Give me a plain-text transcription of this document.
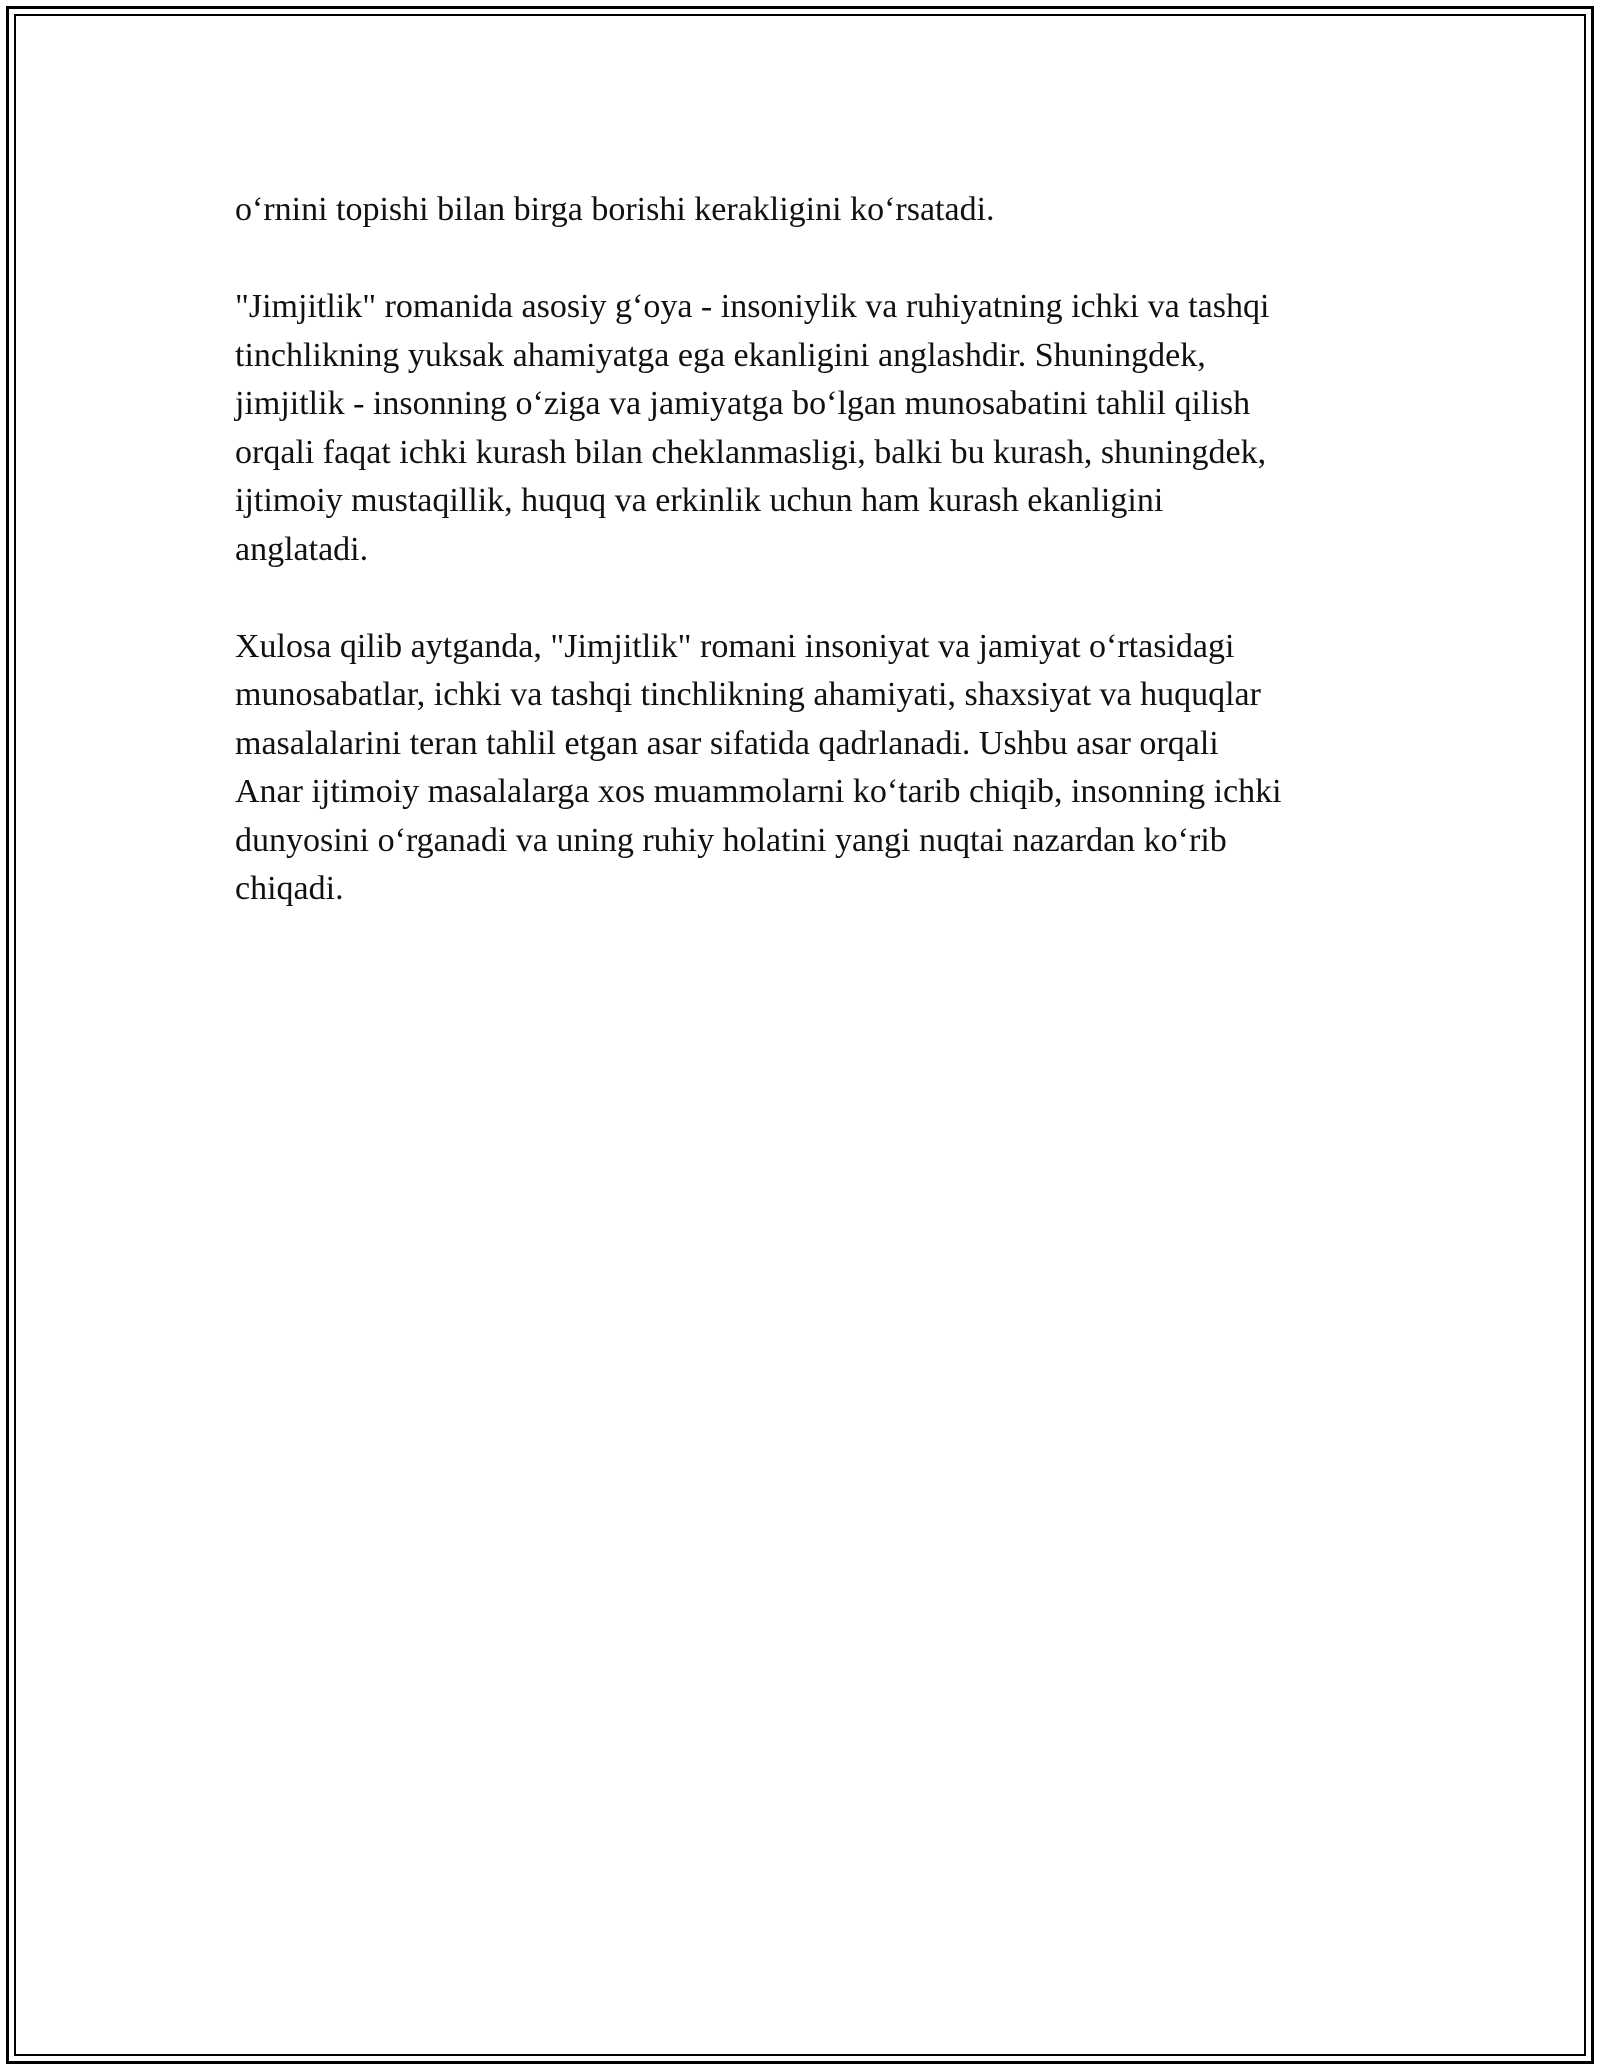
o‘rnini topishi bilan birga borishi kerakligini ko‘rsatadi.

"Jimjitlik" romanida asosiy g‘oya - insoniylik va ruhiyatning ichki va tashqi
tinchlikning yuksak ahamiyatga ega ekanligini anglashdir. Shuningdek,
jimjitlik - insonning o‘ziga va jamiyatga bo‘lgan munosabatini tahlil qilish
orqali faqat ichki kurash bilan cheklanmasligi, balki bu kurash, shuningdek,
ijtimoiy mustaqillik, huquq va erkinlik uchun ham kurash ekanligini
anglatadi.

Xulosa qilib aytganda, "Jimjitlik" romani insoniyat va jamiyat o‘rtasidagi
munosabatlar, ichki va tashqi tinchlikning ahamiyati, shaxsiyat va huquqlar
masalalarini teran tahlil etgan asar sifatida qadrlanadi. Ushbu asar orqali
Anar ijtimoiy masalalarga xos muammolarni ko‘tarib chiqib, insonning ichki
dunyosini o‘rganadi va uning ruhiy holatini yangi nuqtai nazardan ko‘rib
chiqadi.
